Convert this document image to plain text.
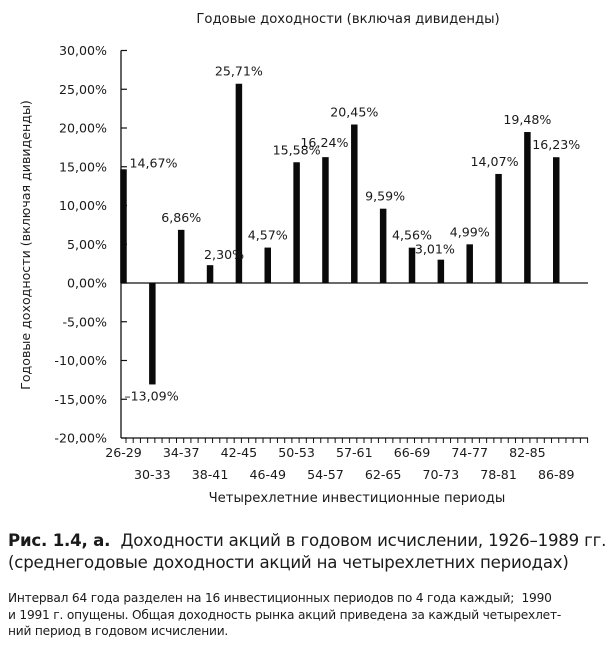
Годовые доходности (включая дивиденды)
Годовые доходности (включая дивиденды)
Четырехлетние инвестиционные периоды
30,00%
25,00%
20,00%
15,00%
10,00%
5,00%
0,00%
-5,00%
-10,00%
-15,00%
-20,00%
14,67%
–13,09%
6,86%
2,30%
25,71%
4,57%
15,58%
16,24%
20,45%
9,59%
4,56%
3,01%
4,99%
14,07%
19,48%
16,23%
26-29
30-33
34-37
38-41
42-45
46-49
50-53
54-57
57-61
62-65
66-69
70-73
74-77
78-81
82-85
86-89
Рис. 1.4, а. Доходности акций в годовом исчислении, 1926–1989 гг.
(среднегодовые доходности акций на четырехлетних периодах)
Интервал 64 года разделен на 16 инвестиционных периодов по 4 года каждый;  1990
и 1991 г. опущены. Общая доходность рынка акций приведена за каждый четырехлет-
ний период в годовом исчислении.
